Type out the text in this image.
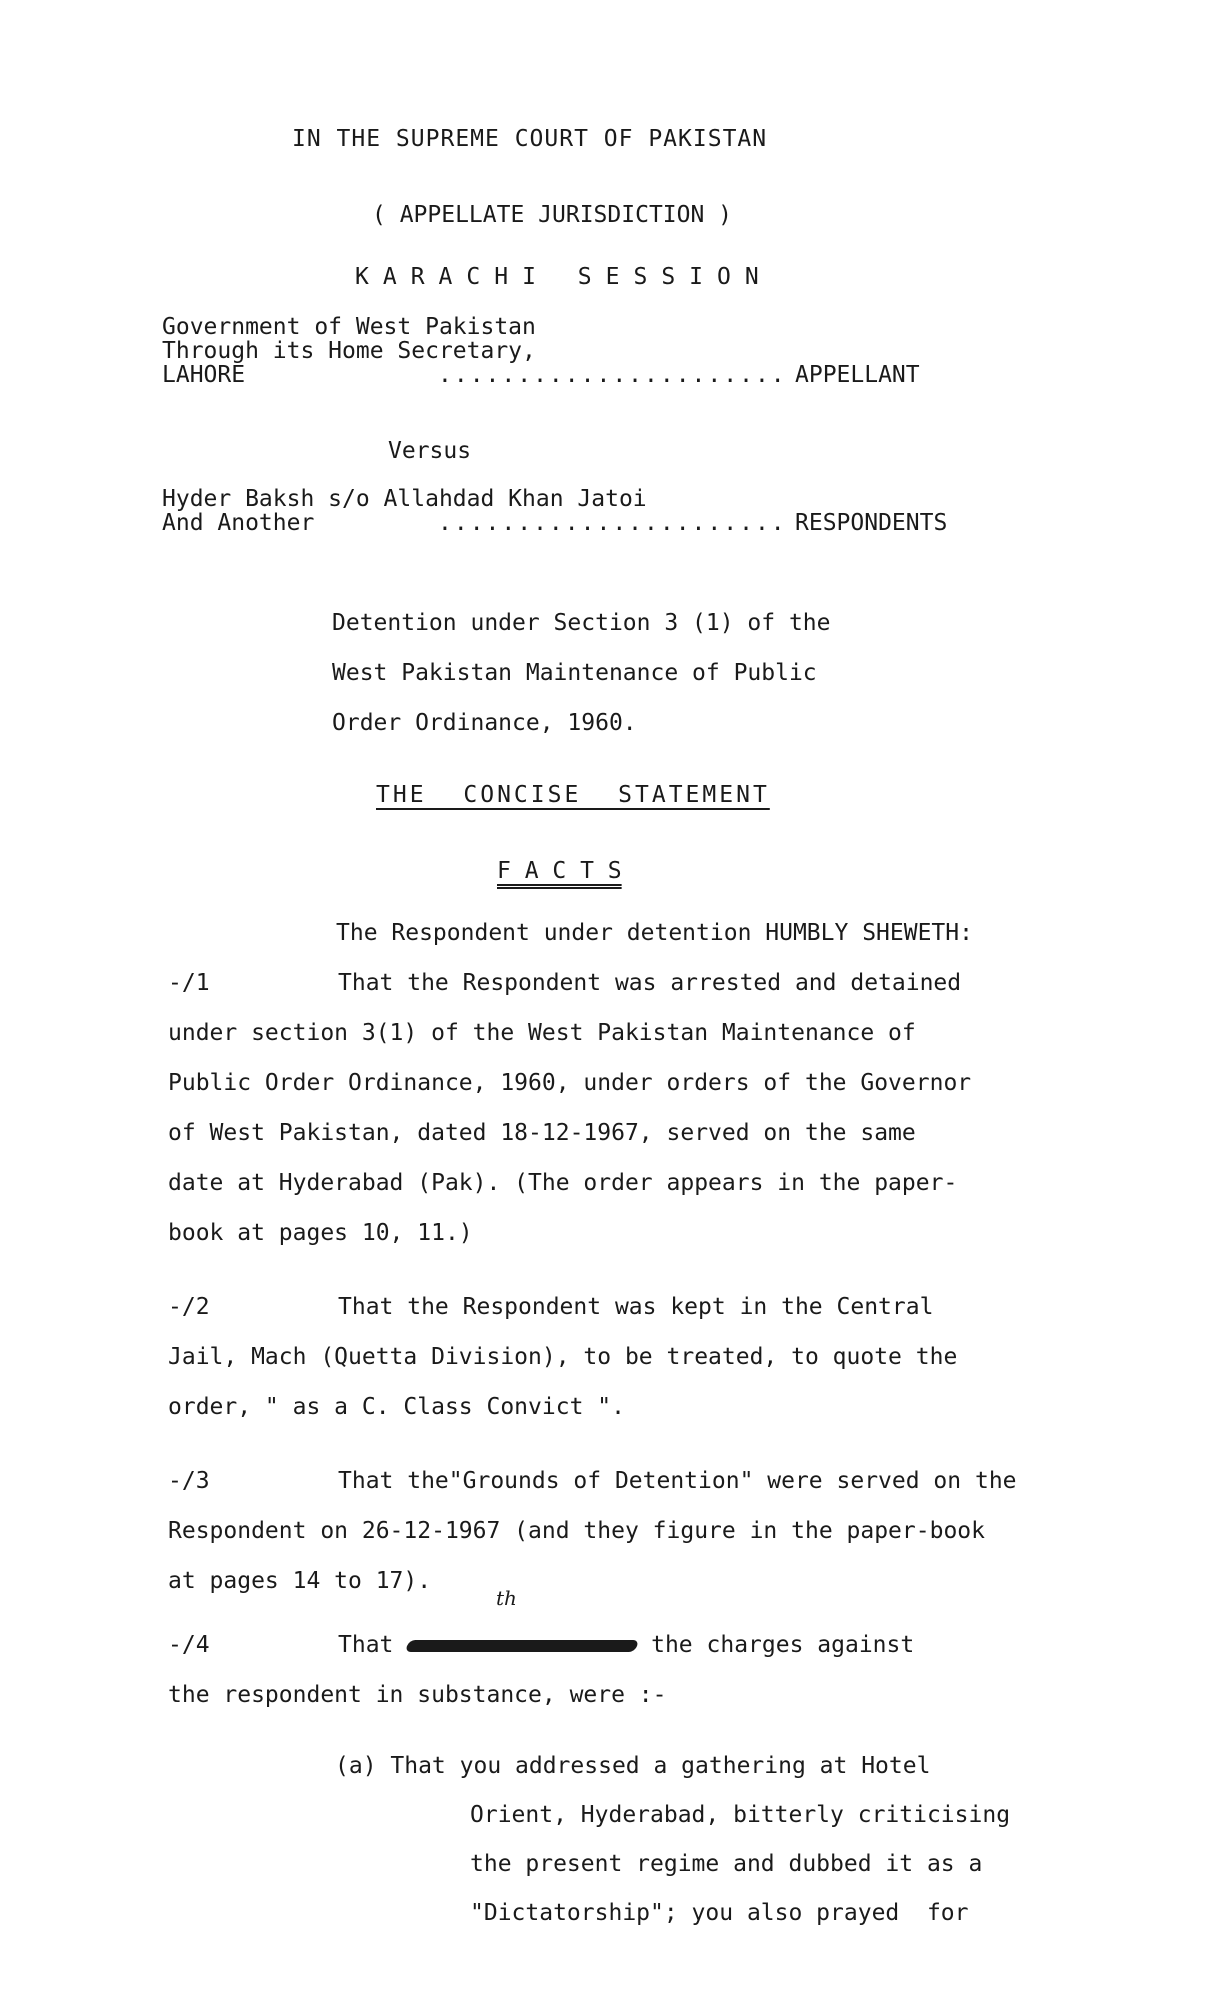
IN THE SUPREME COURT OF PAKISTAN
( APPELLATE JURISDICTION )
KARACHI SESSION
Government of West Pakistan
Through its Home Secretary,
LAHORE	...................... APPELLANT
Versus
Hyder Baksh s/o Allahdad Khan Jatoi
And Another	...................... RESPONDENTS
Detention under Section 3 (1) of the
West Pakistan Maintenance of Public
Order Ordinance, 1960.
THE CONCISE STATEMENT
F A C T S
The Respondent under detention HUMBLY SHEWETH:
-/1	That the Respondent was arrested and detained
under section 3(1) of the West Pakistan Maintenance of
Public Order Ordinance, 1960, under orders of the Governor
of West Pakistan, dated 18-12-1967, served on the same
date at Hyderabad (Pak). (The order appears in the paper-
book at pages 10, 11.)
-/2	That the Respondent was kept in the Central
Jail, Mach (Quetta Division), to be treated, to quote the
order, " as a C. Class Convict ".
-/3	That the"Grounds of Detention" were served on the
Respondent on 26-12-1967 (and they figure in the paper-book
at pages 14 to 17).
th
-/4	That	the charges against
the respondent in substance, were :-
(a) That you addressed a gathering at Hotel
Orient, Hyderabad, bitterly criticising
the present regime and dubbed it as a
"Dictatorship"; you also prayed  for
